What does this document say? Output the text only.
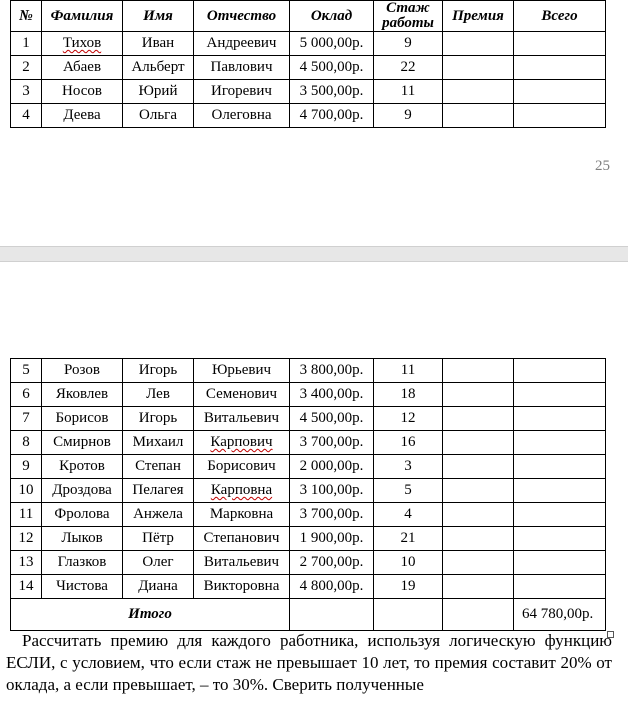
№	Фамилия	Имя	Отчество	Оклад	Стаж работы	Премия	Всего
1	Тихов	Иван	Андреевич	5 000,00р.	9		
2	Абаев	Альберт	Павлович	4 500,00р.	22		
3	Носов	Юрий	Игоревич	3 500,00р.	11		
4	Деева	Ольга	Олеговна	4 700,00р.	9		
25
5	Розов	Игорь	Юрьевич	3 800,00р.	11		
6	Яковлев	Лев	Семенович	3 400,00р.	18		
7	Борисов	Игорь	Витальевич	4 500,00р.	12		
8	Смирнов	Михаил	Карпович	3 700,00р.	16		
9	Кротов	Степан	Борисович	2 000,00р.	3		
10	Дроздова	Пелагея	Карповна	3 100,00р.	5		
11	Фролова	Анжела	Марковна	3 700,00р.	4		
12	Лыков	Пётр	Степанович	1 900,00р.	21		
13	Глазков	Олег	Витальевич	2 700,00р.	10		
14	Чистова	Диана	Викторовна	4 800,00р.	19		
Итого							64 780,00р.

Рассчитать премию для каждого работника, используя логическую функцию ЕСЛИ, с условием, что если стаж не превышает 10 лет, то премия составит 20% от оклада, а если превышает, – то 30%. Сверить полученные
